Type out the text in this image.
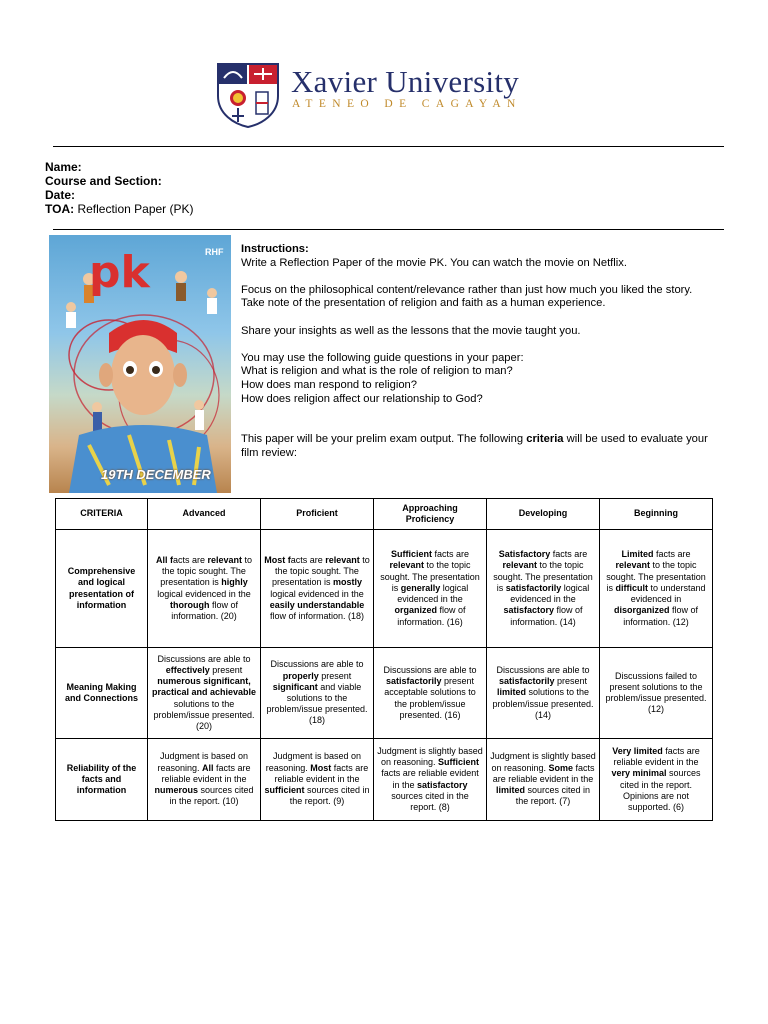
Xavier University
ATENEO DE CAGAYAN
Name:
Course and Section:
Date:
TOA: Reflection Paper (PK)
pk	RHF
19TH DECEMBER

Instructions:

Write a Reflection Paper of the movie PK. You can watch the movie on Netflix.

Focus on the philosophical content/relevance rather than just how much you liked the story.

Take note of the presentation of religion and faith as a human experience.

Share your insights as well as the lessons that the movie taught you.

You may use the following guide questions in your paper:

What is religion and what is the role of religion to man?

How does man respond to religion?

How does religion affect our relationship to God?

This paper will be your prelim exam output. The following criteria will be used to evaluate your

film review:

CRITERIA	Advanced	Proficient	Approaching Proficiency	Developing	Beginning
Comprehensive and logical presentation of information	All facts are relevant to the topic sought. The presentation is highly logical evidenced in the thorough flow of information. (20)	Most facts are relevant to the topic sought. The presentation is mostly logical evidenced in the easily understandable flow of information. (18)	Sufficient facts are relevant to the topic sought. The presentation is generally logical evidenced in the organized flow of information. (16)	Satisfactory facts are relevant to the topic sought. The presentation is satisfactorily logical evidenced in the satisfactory flow of information. (14)	Limited facts are relevant to the topic sought. The presentation is difficult to understand evidenced in disorganized flow of information. (12)
Meaning Making and Connections	Discussions are able to effectively present numerous significant, practical and achievable solutions to the problem/issue presented. (20)	Discussions are able to properly present significant and viable solutions to the problem/issue presented. (18)	Discussions are able to satisfactorily present acceptable solutions to the problem/issue presented. (16)	Discussions are able to satisfactorily present limited solutions to the problem/issue presented. (14)	Discussions failed to present solutions to the problem/issue presented. (12)
Reliability of the facts and information	Judgment is based on reasoning. All facts are reliable evident in the numerous sources cited in the report. (10)	Judgment is based on reasoning. Most facts are reliable evident in the sufficient sources cited in the report. (9)	Judgment is slightly based on reasoning. Sufficient facts are reliable evident in the satisfactory sources cited in the report. (8)	Judgment is slightly based on reasoning. Some facts are reliable evident in the limited sources cited in the report. (7)	Very limited facts are reliable evident in the very minimal sources cited in the report. Opinions are not supported. (6)
